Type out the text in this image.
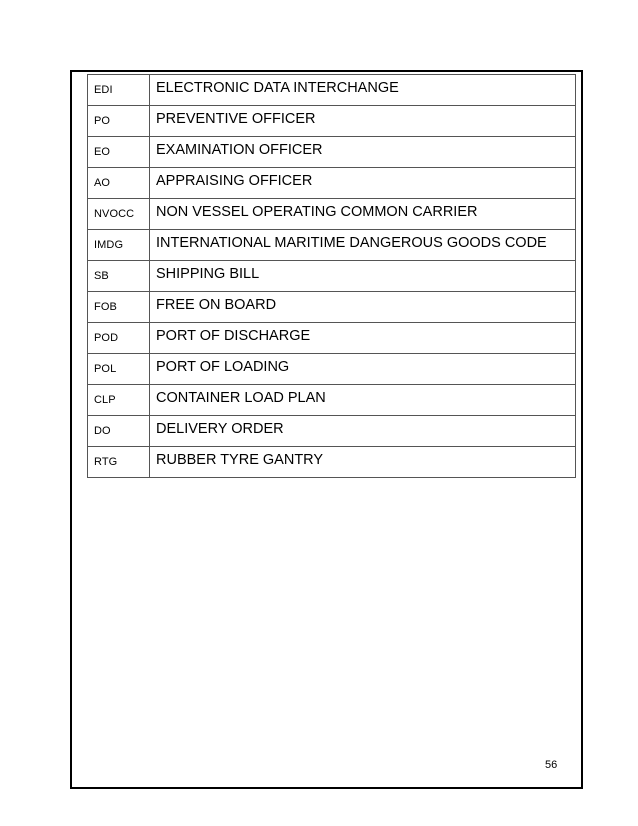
EDI	ELECTRONIC DATA INTERCHANGE
PO	PREVENTIVE OFFICER
EO	EXAMINATION OFFICER
AO	APPRAISING OFFICER
NVOCC	NON VESSEL OPERATING COMMON CARRIER
IMDG	INTERNATIONAL MARITIME DANGEROUS GOODS CODE
SB	SHIPPING BILL
FOB	FREE ON BOARD
POD	PORT OF DISCHARGE
POL	PORT OF LOADING
CLP	CONTAINER LOAD PLAN
DO	DELIVERY ORDER
RTG	RUBBER TYRE GANTRY
56
